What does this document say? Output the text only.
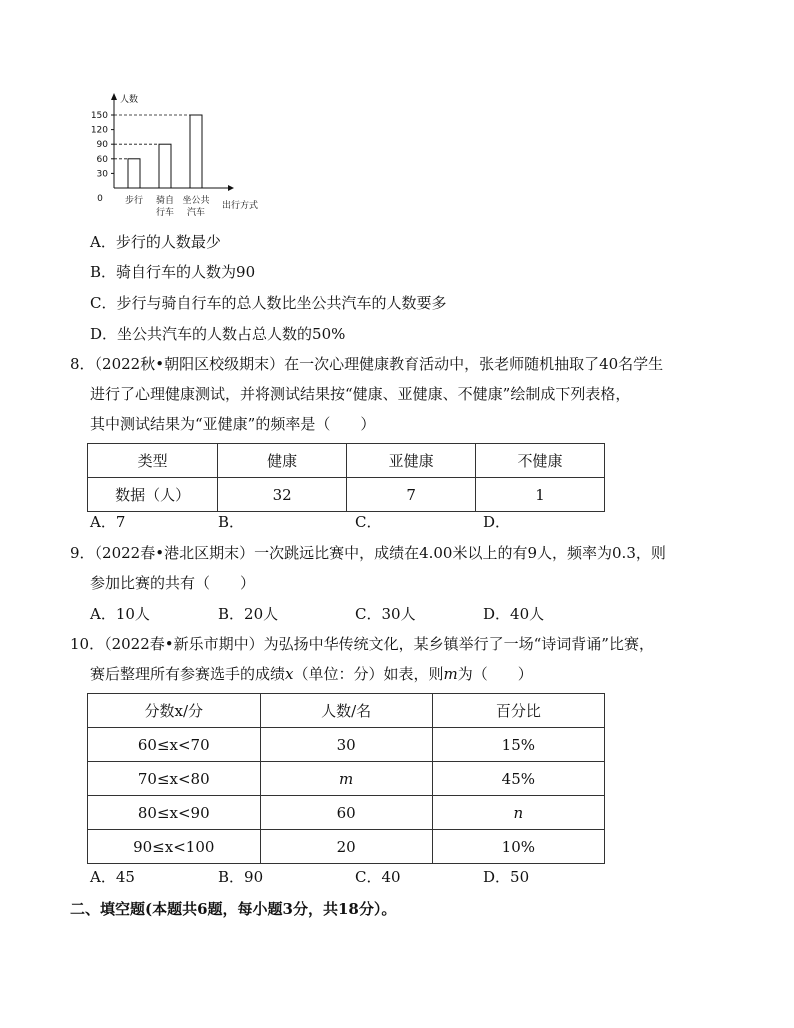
人数
出行方式
0
30
60
90
120
150
步行 骑自
行车
坐公共
汽车
A．步行的人数最少
B．骑自行车的人数为90
C．步行与骑自行车的总人数比坐公共汽车的人数要多
D．坐公共汽车的人数占总人数的50%
8．（2022秋•朝阳区校级期末）在一次心理健康教育活动中，张老师随机抽取了40名学生
进行了心理健康测试，并将测试结果按“健康、亚健康、不健康”绘制成下列表格，
其中测试结果为“亚健康”的频率是（　　）
类型	健康	亚健康	不健康
数据（人）	32	7	1
A．7	B．	C．	D．
9．（2022春•港北区期末）一次跳远比赛中，成绩在4.00米以上的有9人，频率为0.3，则
参加比赛的共有（　　）
A．10人	B．20人	C．30人	D．40人
10．（2022春•新乐市期中）为弘扬中华传统文化，某乡镇举行了一场“诗词背诵”比赛，
赛后整理所有参赛选手的成绩x（单位：分）如表，则m为（　　）
分数x/分	人数/名	百分比
60≤x<70	30	15%
70≤x<80	m	45%
80≤x<90	60	n
90≤x<100	20	10%
A．45	B．90	C．40	D．50
二、填空题(本题共6题，每小题3分，共18分）。
